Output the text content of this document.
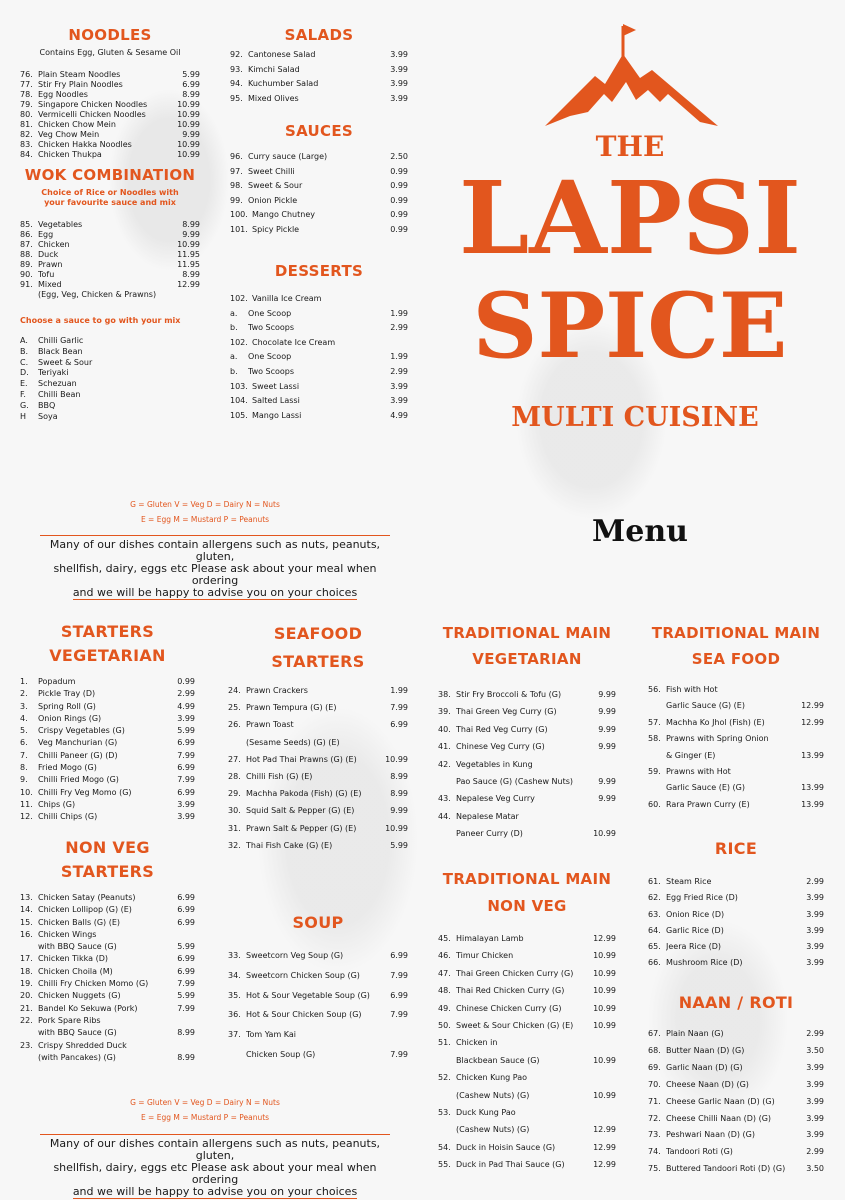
NOODLES
Contains Egg, Gluten & Sesame Oil
76. Plain Steam Noodles	5.99
77. Stir Fry Plain Noodles	6.99
78. Egg Noodles	8.99
79. Singapore Chicken Noodles	10.99
80. Vermicelli Chicken Noodles	10.99
81. Chicken Chow Mein	10.99
82. Veg Chow Mein	9.99
83. Chicken Hakka Noodles	10.99
84. Chicken Thukpa	10.99
WOK COMBINATION
Choice of Rice or Noodles with your favourite sauce and mix
85. Vegetables	8.99
86. Egg	9.99
87. Chicken	10.99
88. Duck	11.95
89. Prawn	11.95
90. Tofu	8.99
91. Mixed	12.99
(Egg, Veg, Chicken & Prawns)
Choose a sauce to go with your mix
A.	Chilli Garlic
B.	Black Bean
C.	Sweet & Sour
D.	Teriyaki
E.	Schezuan
F.	Chilli Bean
G.	BBQ
H	Soya
SALADS
92. Cantonese Salad	3.99
93. Kimchi Salad	3.99
94. Kuchumber Salad	3.99
95. Mixed Olives	3.99
SAUCES
96. Curry sauce (Large)	2.50
97. Sweet Chilli	0.99
98. Sweet & Sour	0.99
99. Onion Pickle	0.99
100. Mango Chutney	0.99
101. Spicy Pickle	0.99
DESSERTS
102. Vanilla Ice Cream
a.	One Scoop	1.99
b.	Two Scoops	2.99
102. Chocolate Ice Cream
a.	One Scoop	1.99
b.	Two Scoops	2.99
103. Sweet Lassi	3.99
104. Salted Lassi	3.99
105. Mango Lassi	4.99
G = Gluten V = Veg D = Dairy N = Nuts
E = Egg M = Mustard P = Peanuts
Many of our dishes contain allergens such as nuts, peanuts, gluten,
shellfish, dairy, eggs etc Please ask about your meal when ordering
and we will be happy to advise you on your choices
THE
LAPSI
SPICE
MULTI CUISINE
Menu
STARTERS
VEGETARIAN
1.	Popadum	0.99
2.	Pickle Tray (D)	2.99
3.	Spring Roll (G)	4.99
4.	Onion Rings (G)	3.99
5.	Crispy Vegetables (G)	5.99
6.	Veg Manchurian (G)	6.99
7.	Chilli Paneer (G) (D)	7.99
8.	Fried Mogo (G)	6.99
9.	Chilli Fried Mogo (G)	7.99
10. Chilli Fry Veg Momo (G)	6.99
11. Chips (G)	3.99
12. Chilli Chips (G)	3.99
NON VEG
STARTERS
13. Chicken Satay (Peanuts)	6.99
14. Chicken Lollipop (G) (E)	6.99
15. Chicken Balls (G) (E)	6.99
16. Chicken Wings
with BBQ Sauce (G)	5.99
17. Chicken Tikka (D)	6.99
18. Chicken Choila (M)	6.99
19. Chilli Fry Chicken Momo (G)	7.99
20. Chicken Nuggets (G)	5.99
21. Bandel Ko Sekuwa (Pork)	7.99
22. Pork Spare Ribs
with BBQ Sauce (G)	8.99
23. Crispy Shredded Duck
(with Pancakes) (G)	8.99
SEAFOOD
STARTERS
24. Prawn Crackers	1.99
25. Prawn Tempura (G) (E)	7.99
26. Prawn Toast	6.99
(Sesame Seeds) (G) (E)
27. Hot Pad Thai Prawns (G) (E)	10.99
28. Chilli Fish (G) (E)	8.99
29. Machha Pakoda (Fish) (G) (E)	8.99
30. Squid Salt & Pepper (G) (E)	9.99
31. Prawn Salt & Pepper (G) (E)	10.99
32. Thai Fish Cake (G) (E)	5.99
SOUP
33. Sweetcorn Veg Soup (G)	6.99
34. Sweetcorn Chicken Soup (G)	7.99
35. Hot & Sour Vegetable Soup (G)	6.99
36. Hot & Sour Chicken Soup (G)	7.99
37. Tom Yam Kai
Chicken Soup (G)	7.99
G = Gluten V = Veg D = Dairy N = Nuts
E = Egg M = Mustard P = Peanuts
Many of our dishes contain allergens such as nuts, peanuts, gluten,
shellfish, dairy, eggs etc Please ask about your meal when ordering
and we will be happy to advise you on your choices
TRADITIONAL MAIN
VEGETARIAN
38. Stir Fry Broccoli & Tofu (G)	9.99
39. Thai Green Veg Curry (G)	9.99
40. Thai Red Veg Curry (G)	9.99
41. Chinese Veg Curry (G)	9.99
42. Vegetables in Kung
Pao Sauce (G) (Cashew Nuts)	9.99
43. Nepalese Veg Curry	9.99
44. Nepalese Matar
Paneer Curry (D)	10.99
TRADITIONAL MAIN
NON VEG
45. Himalayan Lamb	12.99
46. Timur Chicken	10.99
47. Thai Green Chicken Curry (G)	10.99
48. Thai Red Chicken Curry (G)	10.99
49. Chinese Chicken Curry (G)	10.99
50. Sweet & Sour Chicken (G) (E)	10.99
51. Chicken in
Blackbean Sauce (G)	10.99
52. Chicken Kung Pao
(Cashew Nuts) (G)	10.99
53. Duck Kung Pao
(Cashew Nuts) (G)	12.99
54. Duck in Hoisin Sauce (G)	12.99
55. Duck in Pad Thai Sauce (G)	12.99
TRADITIONAL MAIN
SEA FOOD
56. Fish with Hot
Garlic Sauce (G) (E)	12.99
57. Machha Ko Jhol (Fish) (E)	12.99
58. Prawns with Spring Onion
& Ginger (E)	13.99
59. Prawns with Hot
Garlic Sauce (E) (G)	13.99
60. Rara Prawn Curry (E)	13.99
RICE
61. Steam Rice	2.99
62. Egg Fried Rice (D)	3.99
63. Onion Rice (D)	3.99
64. Garlic Rice (D)	3.99
65. Jeera Rice (D)	3.99
66. Mushroom Rice (D)	3.99
NAAN / ROTI
67. Plain Naan (G)	2.99
68. Butter Naan (D) (G)	3.50
69. Garlic Naan (D) (G)	3.99
70. Cheese Naan (D) (G)	3.99
71. Cheese Garlic Naan (D) (G)	3.99
72. Cheese Chilli Naan (D) (G)	3.99
73. Peshwari Naan (D) (G)	3.99
74. Tandoori Roti (G)	2.99
75. Buttered Tandoori Roti (D) (G)	3.50
